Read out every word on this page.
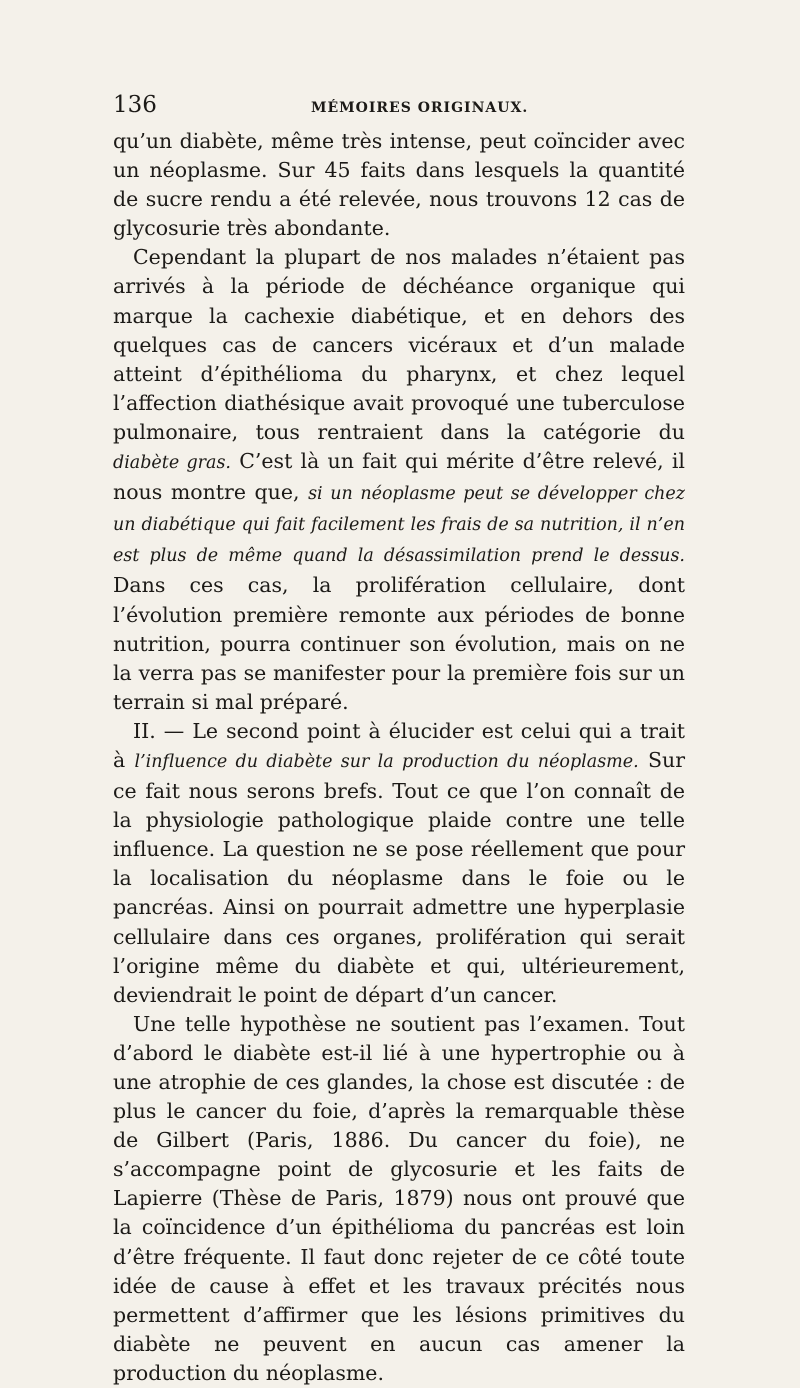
136	MÉMOIRES ORIGINAUX.

qu’un diabète, même très intense, peut coïncider avec un néoplasme. Sur 45 faits dans lesquels la quantité de sucre rendu a été relevée, nous trouvons 12 cas de glycosurie très abondante.

Cependant la plupart de nos malades n’étaient pas arrivés à la période de déchéance organique qui marque la cachexie diabétique, et en dehors des quelques cas de cancers vicéraux et d’un malade atteint d’épithélioma du pharynx, et chez lequel l’affection diathésique avait provoqué une tuberculose pulmonaire, tous rentraient dans la catégorie du diabète gras. C’est là un fait qui mérite d’être relevé, il nous montre que, si un néoplasme peut se développer chez un diabétique qui fait facilement les frais de sa nutrition, il n’en est plus de même quand la désassimilation prend le dessus. Dans ces cas, la prolifération cellulaire, dont l’évolution première remonte aux périodes de bonne nutrition, pourra continuer son évolution, mais on ne la verra pas se manifester pour la première fois sur un terrain si mal préparé.

II. — Le second point à élucider est celui qui a trait à l’influence du diabète sur la production du néoplasme. Sur ce fait nous serons brefs. Tout ce que l’on connaît de la physiologie pathologique plaide contre une telle influence. La question ne se pose réellement que pour la localisation du néoplasme dans le foie ou le pancréas. Ainsi on pourrait admettre une hyperplasie cellulaire dans ces organes, prolifération qui serait l’origine même du diabète et qui, ultérieurement, deviendrait le point de départ d’un cancer.

Une telle hypothèse ne soutient pas l’examen. Tout d’abord le diabète est-il lié à une hypertrophie ou à une atrophie de ces glandes, la chose est discutée : de plus le cancer du foie, d’après la remarquable thèse de Gilbert (Paris, 1886. Du cancer du foie), ne s’accompagne point de glycosurie et les faits de Lapierre (Thèse de Paris, 1879) nous ont prouvé que la coïncidence d’un épithélioma du pancréas est loin d’être fréquente. Il faut donc rejeter de ce côté toute idée de cause à effet et les travaux précités nous permettent d’affirmer que les lésions primitives du diabète ne peuvent en aucun cas amener la production du néoplasme.
